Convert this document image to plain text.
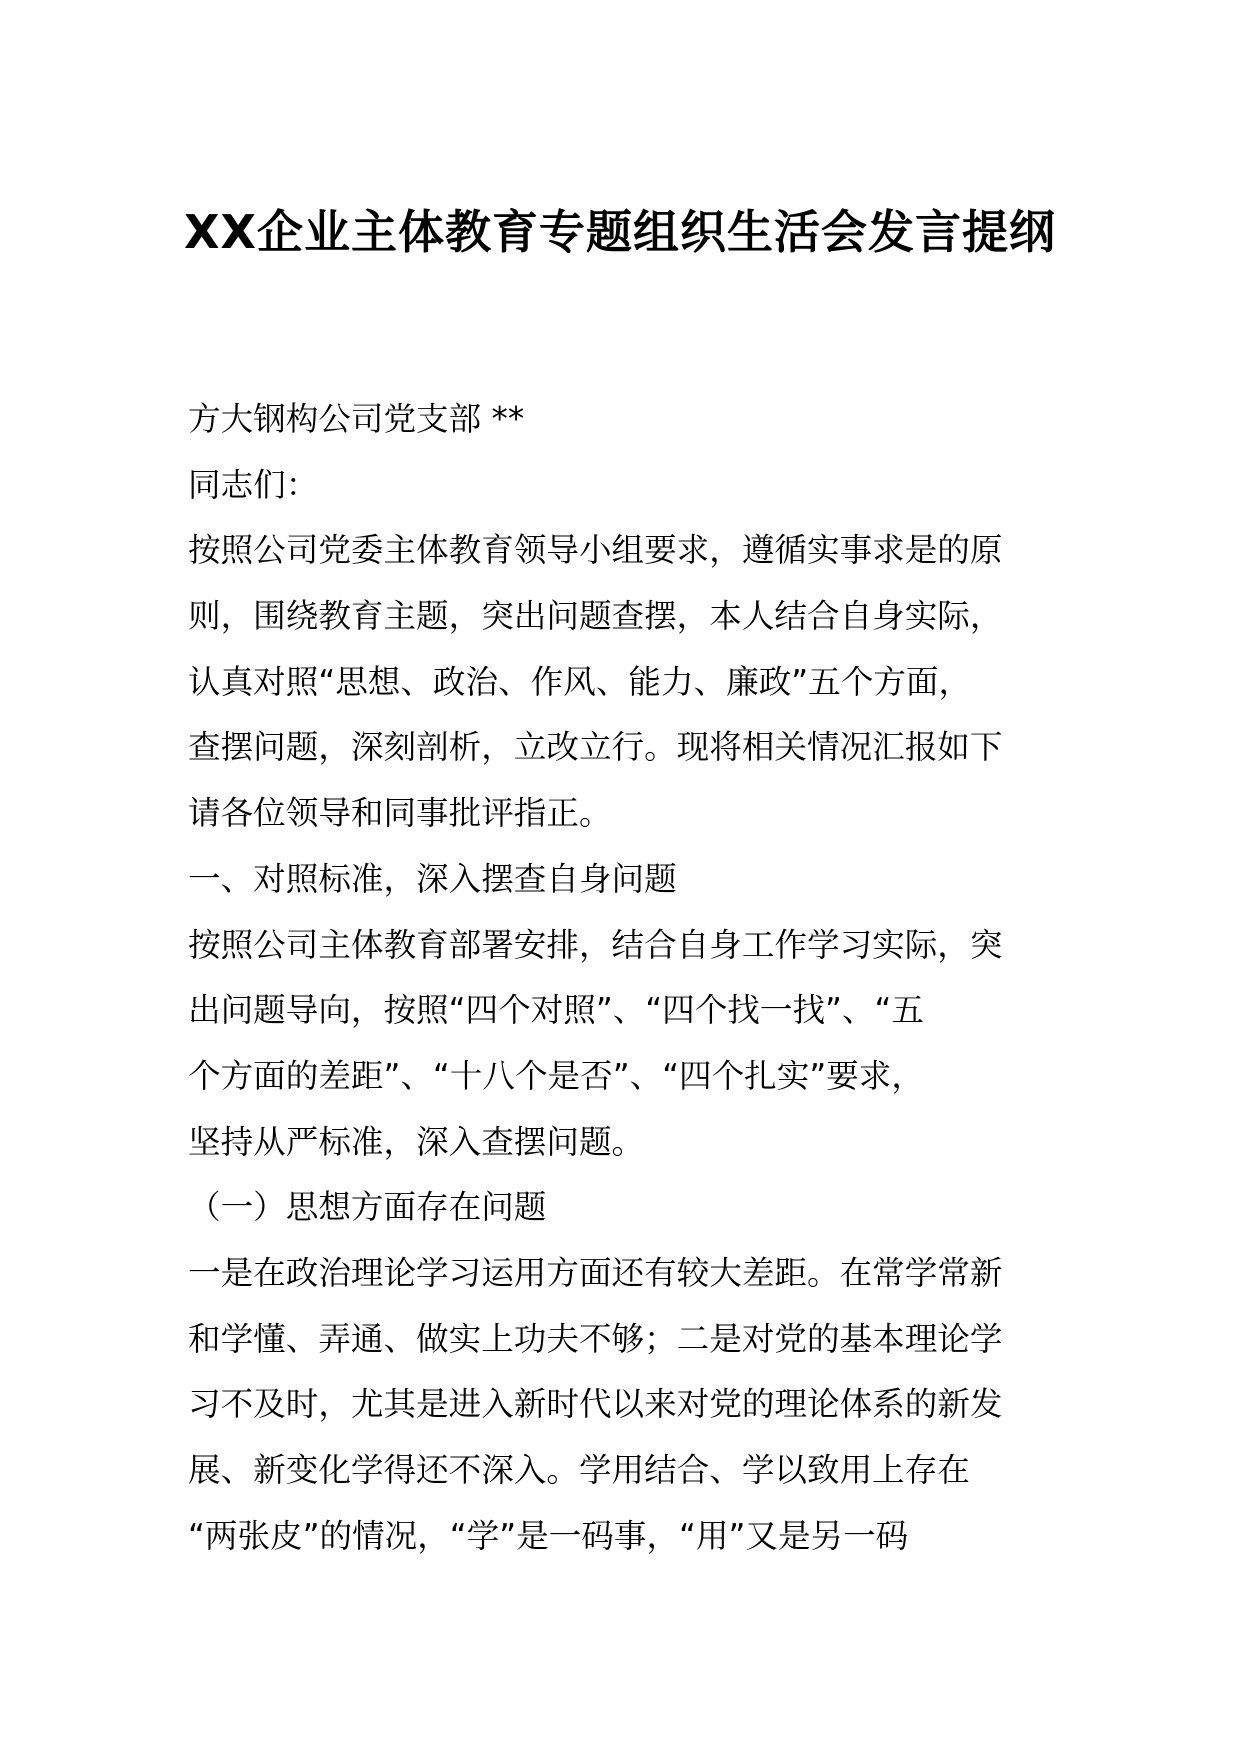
XX企业主体教育专题组织生活会发言提纲
方大钢构公司党支部 **
同志们：
按照公司党委主体教育领导小组要求，遵循实事求是的原
则，围绕教育主题，突出问题查摆，本人结合自身实际，
认真对照“思想、政治、作风、能力、廉政”五个方面，
查摆问题，深刻剖析，立改立行。现将相关情况汇报如下
请各位领导和同事批评指正。
一、对照标准，深入摆查自身问题
按照公司主体教育部署安排，结合自身工作学习实际，突
出问题导向，按照“四个对照”、“四个找一找”、“五
个方面的差距”、“十八个是否”、“四个扎实”要求，
坚持从严标准，深入查摆问题。
（一）思想方面存在问题
一是在政治理论学习运用方面还有较大差距。在常学常新
和学懂、弄通、做实上功夫不够；二是对党的基本理论学
习不及时，尤其是进入新时代以来对党的理论体系的新发
展、新变化学得还不深入。学用结合、学以致用上存在
“两张皮”的情况，“学”是一码事，“用”又是另一码
